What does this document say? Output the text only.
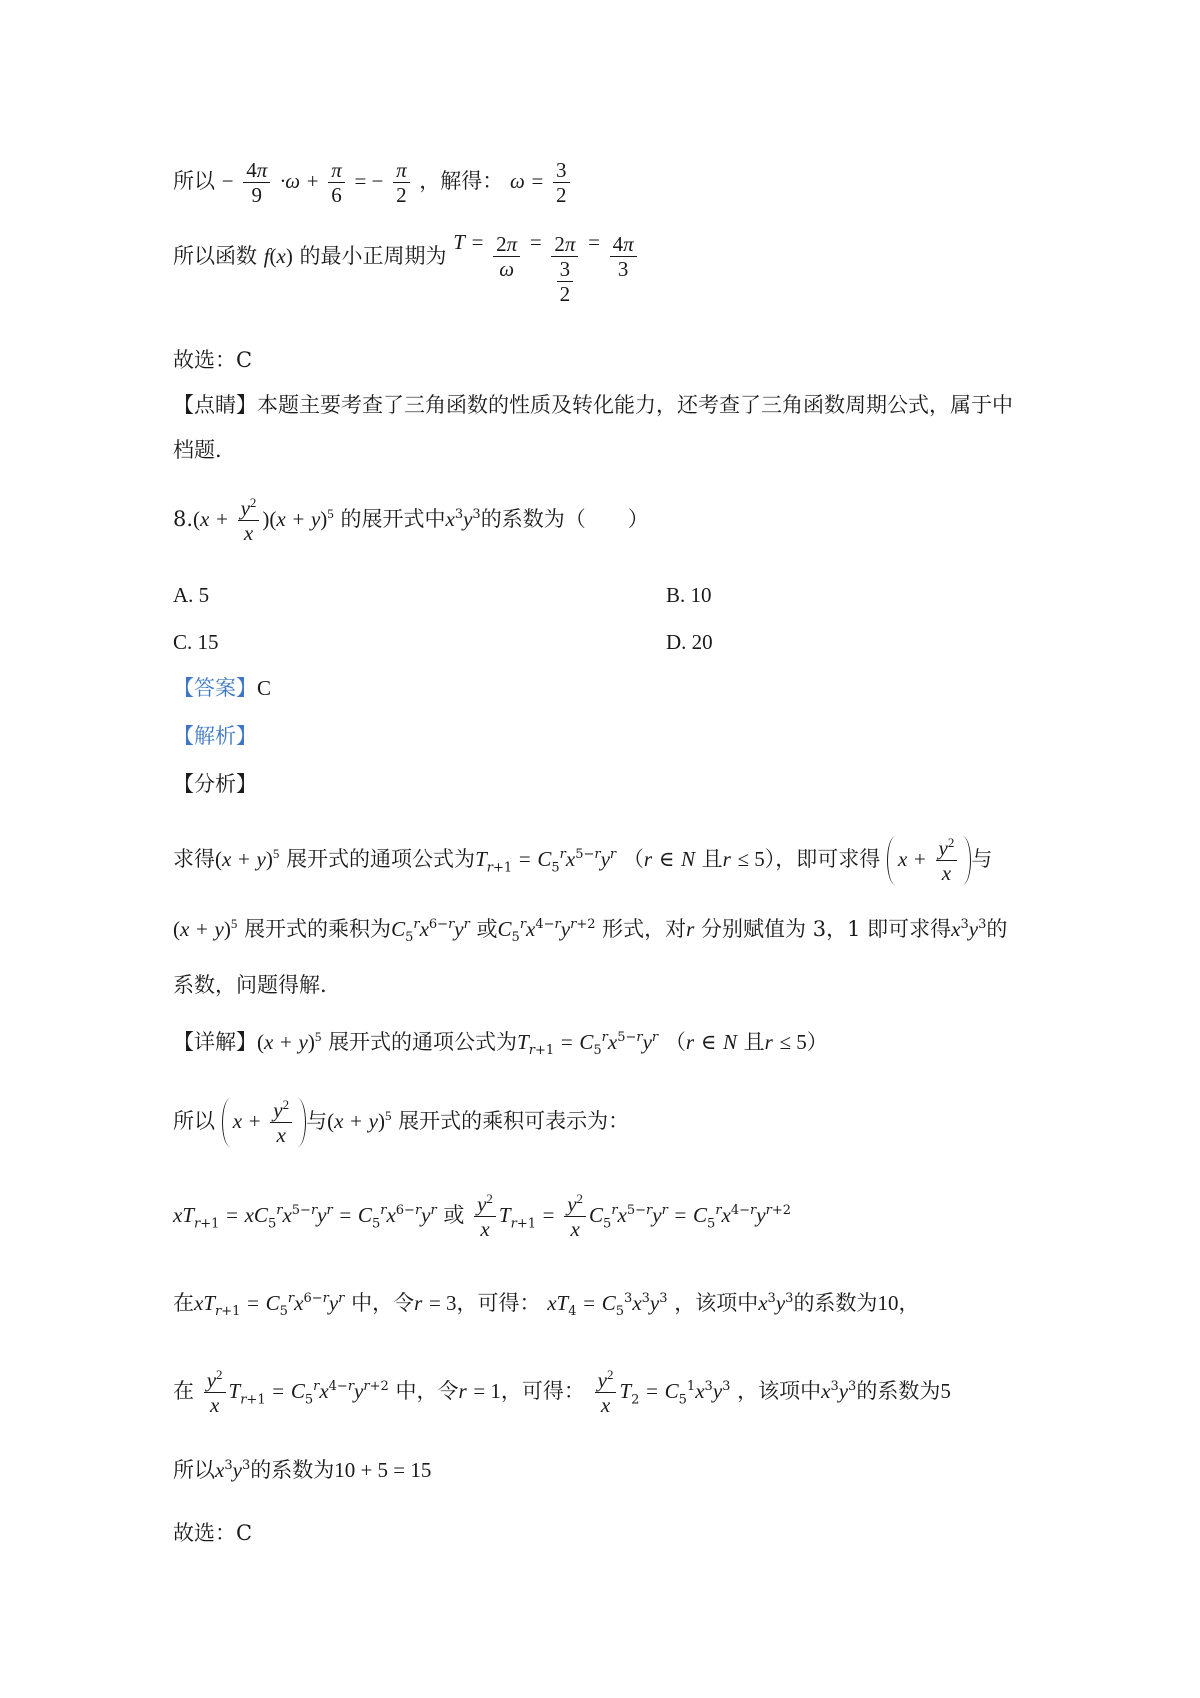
所以 − $\frac{4\pi}{9} \cdot\omega + \frac{\pi}{6}$ = − $\frac{\pi}{2}$ ，解得： $\omega = \frac{3}{2}$
所以函数 f(x) 的最小正周期为 $T = \frac{2\pi}{\omega} = \frac{2\pi}{\frac{3}{2}} = \frac{4\pi}{3}$
故选：C
【点睛】本题主要考查了三角函数的性质及转化能力，还考查了三角函数周期公式，属于中
档题.
$8.(x + \frac{y^2}{x} )(x + y)^5$ 的展开式中$x^3y^3$的系数为（　　）
A. 5	B. 10
C. 15	D. 20
【答案】C
【解析】
【分析】
求得$(x + y)^5$ 展开式的通项公式为$T_{r+1} = C_5^rx^{5-r}y^r$ （r ∈ N 且r ≤ 5），即可求得 $x + \frac{y^2}{x}$ 与
$(x + y)^5$ 展开式的乘积为$C_5^rx^{6-r}y^r$ 或$C_5^rx^{4-r}y^{r+2}$ 形式，对r 分别赋值为 3，1 即可求得$x^3y^3$的
系数，问题得解.
【详解】$(x + y)^5$ 展开式的通项公式为$T_{r+1} = C_5^rx^{5-r}y^r$ （r ∈ N 且r ≤ 5）
所以 $x + \frac{y^2}{x}$ 与$(x + y)^5$ 展开式的乘积可表示为：
$xT_{r+1} = xC_5^rx^{5-r}y^r = C_5^rx^{6-r}y^r$ 或 $\frac{y^2}{x} T_{r+1} = \frac{y^2}{x} C_5^rx^{5-r}y^r = C_5^rx^{4-r}y^{r+2}$
在$xT_{r+1} = C_5^rx^{6-r}y^r$ 中，令r = 3，可得： $xT_4 = C_5^3x^3y^3$ ，该项中$x^3y^3$的系数为10，
在 $\frac{y^2}{x} T_{r+1} = C_5^rx^{4-r}y^{r+2}$ 中，令r = 1，可得： $\frac{y^2}{x} T_2 = C_5^1x^3y^3$ ，该项中$x^3y^3$的系数为5
所以$x^3y^3$的系数为10 + 5 = 15
故选：C
